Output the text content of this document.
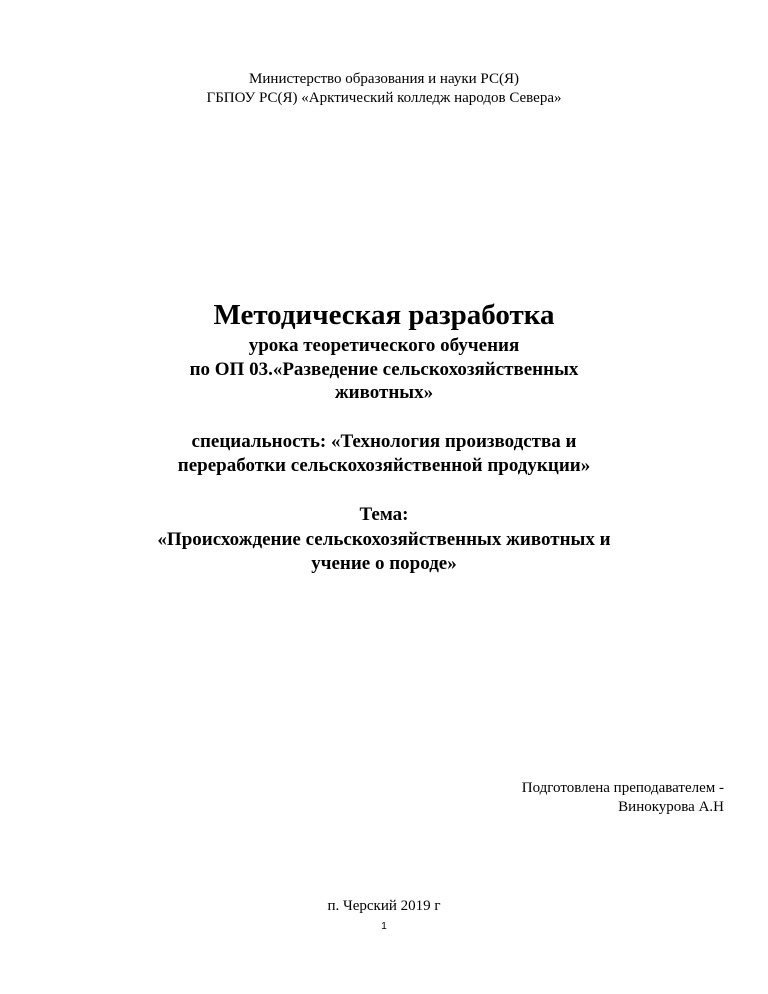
Министерство образования и науки РС(Я)
ГБПОУ РС(Я) «Арктический колледж народов Севера»
Методическая разработка
урока теоретического обучения
по ОП 03.«Разведение сельскохозяйственных
животных»
специальность: «Технология производства и
переработки сельскохозяйственной продукции»
Тема:
«Происхождение сельскохозяйственных животных и
учение о породе»
Подготовлена преподавателем -
Винокурова А.Н
п. Черский 2019 г
1
